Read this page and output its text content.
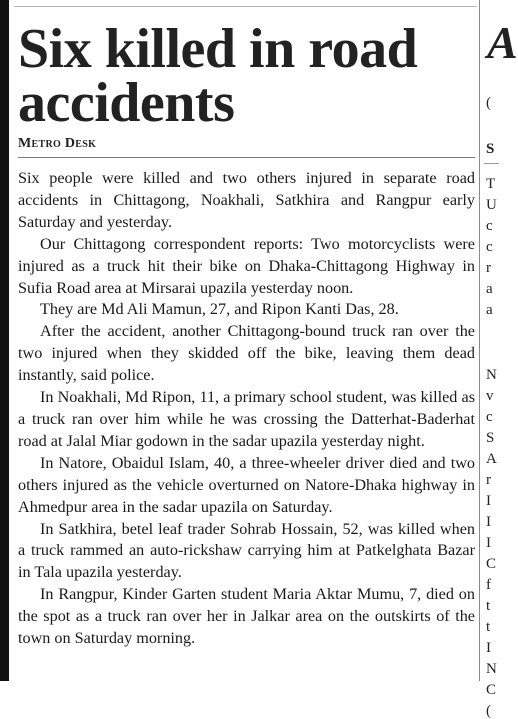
Six killed in road accidents
Metro Desk

Six people were killed and two others injured in separate road accidents in Chittagong, Noakhali, Satkhira and Rangpur early Saturday and yesterday.

Our Chittagong correspondent reports: Two motorcyclists were injured as a truck hit their bike on Dhaka-Chittagong Highway in Sufia Road area at Mirsarai upazila yesterday noon.

They are Md Ali Mamun, 27, and Ripon Kanti Das, 28.

After the accident, another Chittagong-bound truck ran over the two injured when they skidded off the bike, leaving them dead instantly, said police.

In Noakhali, Md Ripon, 11, a primary school student, was killed as a truck ran over him while he was crossing the Datterhat-Baderhat road at Jalal Miar godown in the sadar upazila yesterday night.

In Natore, Obaidul Islam, 40, a three-wheeler driver died and two others injured as the vehicle overturned on Natore-Dhaka highway in Ahmedpur area in the sadar upazila on Saturday.

In Satkhira, betel leaf trader Sohrab Hossain, 52, was killed when a truck rammed an auto-rickshaw carrying him at Patkelghata Bazar in Tala upazila yesterday.

In Rangpur, Kinder Garten student Maria Aktar Mumu, 7, died on the spot as a truck ran over her in Jalkar area on the outskirts of the town on Saturday morning.

A
S
(
T
U
c
c
r
a
a
N
v
c
S
A
r
I
I
I
C
f
t
t
I
N
C
(
